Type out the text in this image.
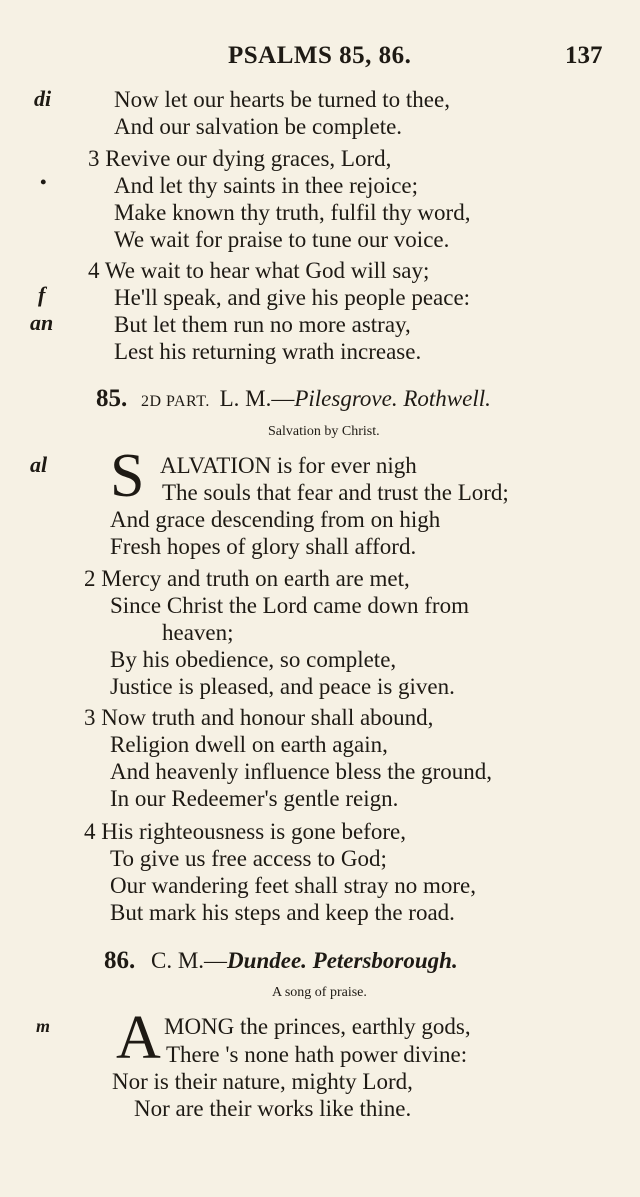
PSALMS 85, 86.	137
di
•
f
an
al
m
Now let our hearts be turned to thee,
And our salvation be complete.
3 Revive our dying graces, Lord,
And let thy saints in thee rejoice;
Make known thy truth, fulfil thy word,
We wait for praise to tune our voice.
4 We wait to hear what God will say;
He'll speak, and give his people peace:
But let them run no more astray,
Lest his returning wrath increase.
85. 2D PART. L. M.—Pilesgrove. Rothwell.
Salvation by Christ.
S ALVATION is for ever nigh
The souls that fear and trust the Lord;
And grace descending from on high
Fresh hopes of glory shall afford.
2 Mercy and truth on earth are met,
Since Christ the Lord came down from
heaven;
By his obedience, so complete,
Justice is pleased, and peace is given.
3 Now truth and honour shall abound,
Religion dwell on earth again,
And heavenly influence bless the ground,
In our Redeemer's gentle reign.
4 His righteousness is gone before,
To give us free access to God;
Our wandering feet shall stray no more,
But mark his steps and keep the road.
86. C. M.—Dundee. Petersborough.
A song of praise.
A MONG the princes, earthly gods,
There 's none hath power divine:
Nor is their nature, mighty Lord,
Nor are their works like thine.
